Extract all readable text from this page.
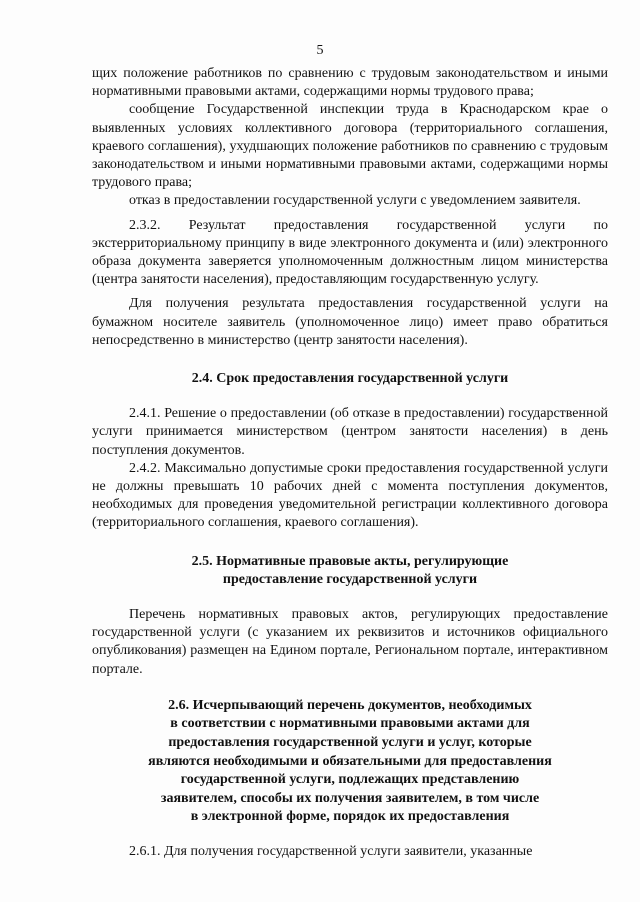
5

щих положение работников по сравнению с трудовым законодательством и иными нормативными правовыми актами, содержащими нормы трудового права;

сообщение Государственной инспекции труда в Краснодарском крае о выявленных условиях коллективного договора (территориального соглашения, краевого соглашения), ухудшающих положение работников по сравнению с трудовым законодательством и иными нормативными правовыми актами, содержащими нормы трудового права;

отказ в предоставлении государственной услуги с уведомлением заявителя.

2.3.2. Результат предоставления государственной услуги по экстерриториальному принципу в виде электронного документа и (или) электронного образа документа заверяется уполномоченным должностным лицом министерства (центра занятости населения), предоставляющим государственную услугу.

Для получения результата предоставления государственной услуги на бумажном носителе заявитель (уполномоченное лицо) имеет право обратиться непосредственно в министерство (центр занятости населения).

2.4. Срок предоставления государственной услуги

2.4.1. Решение о предоставлении (об отказе в предоставлении) государственной услуги принимается министерством (центром занятости населения) в день поступления документов.

2.4.2. Максимально допустимые сроки предоставления государственной услуги не должны превышать 10 рабочих дней с момента поступления документов, необходимых для проведения уведомительной регистрации коллективного договора (территориального соглашения, краевого соглашения).

2.5. Нормативные правовые акты, регулирующие
предоставление государственной услуги

Перечень нормативных правовых актов, регулирующих предоставление государственной услуги (с указанием их реквизитов и источников официального опубликования) размещен на Едином портале, Региональном портале, интерактивном портале.

2.6. Исчерпывающий перечень документов, необходимых
в соответствии с нормативными правовыми актами для
предоставления государственной услуги и услуг, которые
являются необходимыми и обязательными для предоставления
государственной услуги, подлежащих представлению
заявителем, способы их получения заявителем, в том числе
в электронной форме, порядок их предоставления

2.6.1. Для получения государственной услуги заявители, указанные
